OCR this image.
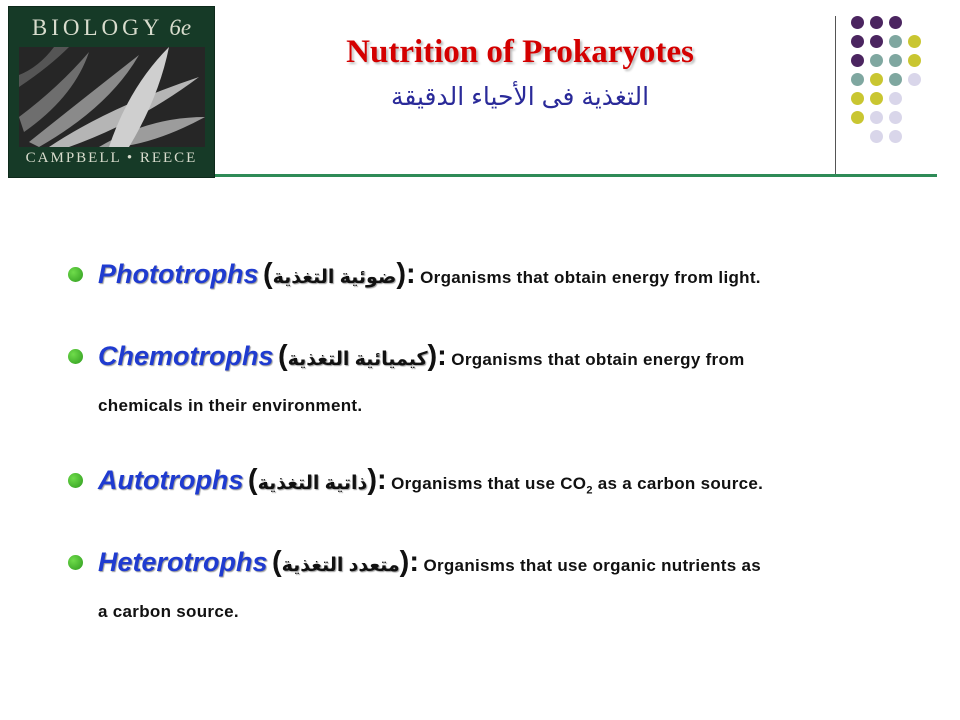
BIOLOGY 6e
CAMPBELL • REECE
Nutrition of Prokaryotes
التغذية فى الأحياء الدقيقة
Phototrophs (ضوئية التغذية): Organisms that obtain energy from light.
Chemotrophs (كيميائية التغذية): Organisms that obtain energy from
chemicals in their environment.
Autotrophs (ذاتية التغذية): Organisms that use $CO_2$ as a carbon source.
Heterotrophs (متعدد التغذية): Organisms that use organic nutrients as
a carbon source.
